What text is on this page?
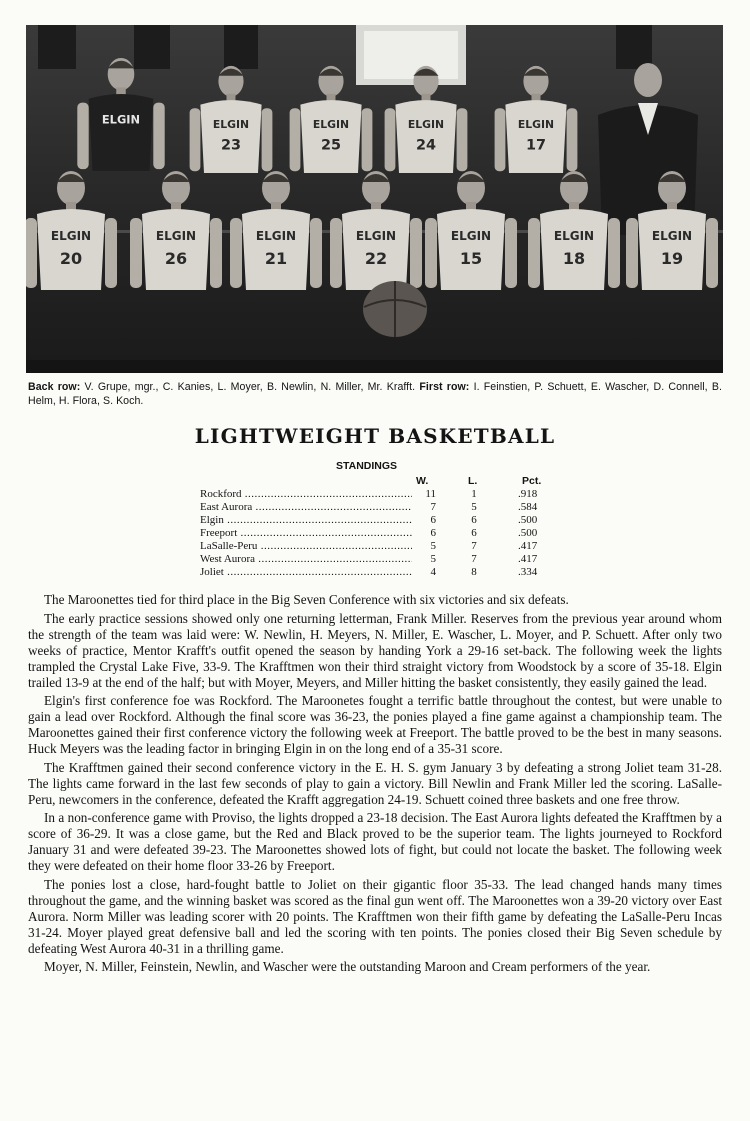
ELGIN	ELGIN
23
ELGIN
25
ELGIN
24
ELGIN
17
ELGIN
20
ELGIN
26
ELGIN
21
ELGIN
22
ELGIN
15
ELGIN
18
ELGIN
19
Back row: V. Grupe, mgr., C. Kanies, L. Moyer, B. Newlin, N. Miller, Mr. Krafft. First row: I. Feinstien, P. Schuett, E. Wascher, D. Connell, B. Helm, H. Flora, S. Koch.
LIGHTWEIGHT BASKETBALL
STANDINGS
W.	L.	Pct.
Rockford .....	11	1	.918
East Aurora .....	7	5	.584
Elgin .....	6	6	.500
Freeport .....	6	6	.500
LaSalle-Peru .....	5	7	.417
West Aurora .....	5	7	.417
Joliet .....	4	8	.334

The Maroonettes tied for third place in the Big Seven Conference with six victories and six defeats.

The early practice sessions showed only one returning letterman, Frank Miller. Reserves from the previous year around whom the strength of the team was laid were: W. Newlin, H. Meyers, N. Miller, E. Wascher, L. Moyer, and P. Schuett. After only two weeks of practice, Mentor Krafft's outfit opened the season by handing York a 29-16 set-back. The following week the lights trampled the Crystal Lake Five, 33-9. The Krafftmen won their third straight victory from Woodstock by a score of 35-18. Elgin trailed 13-9 at the end of the half; but with Moyer, Meyers, and Miller hitting the basket consistently, they easily gained the lead.

Elgin's first conference foe was Rockford. The Maroonetes fought a terrific battle throughout the contest, but were unable to gain a lead over Rockford. Although the final score was 36-23, the ponies played a fine game against a championship team. The Maroonettes gained their first conference victory the following week at Freeport. The battle proved to be the best in many seasons. Huck Meyers was the leading factor in bringing Elgin in on the long end of a 35-31 score.

The Krafftmen gained their second conference victory in the E. H. S. gym January 3 by defeating a strong Joliet team 31-28. The lights came forward in the last few seconds of play to gain a victory. Bill Newlin and Frank Miller led the scoring. LaSalle-Peru, newcomers in the conference, defeated the Krafft aggregation 24-19. Schuett coined three baskets and one free throw.

In a non-conference game with Proviso, the lights dropped a 23-18 decision. The East Aurora lights defeated the Krafftmen by a score of 36-29. It was a close game, but the Red and Black proved to be the superior team. The lights journeyed to Rockford January 31 and were defeated 39-23. The Maroonettes showed lots of fight, but could not locate the basket. The following week they were defeated on their home floor 33-26 by Freeport.

The ponies lost a close, hard-fought battle to Joliet on their gigantic floor 35-33. The lead changed hands many times throughout the game, and the winning basket was scored as the final gun went off. The Maroonettes won a 39-20 victory over East Aurora. Norm Miller was leading scorer with 20 points. The Krafftmen won their fifth game by defeating the LaSalle-Peru Incas 31-24. Moyer played great defensive ball and led the scoring with ten points. The ponies closed their Big Seven schedule by defeating West Aurora 40-31 in a thrilling game.

Moyer, N. Miller, Feinstein, Newlin, and Wascher were the outstanding Maroon and Cream performers of the year.
